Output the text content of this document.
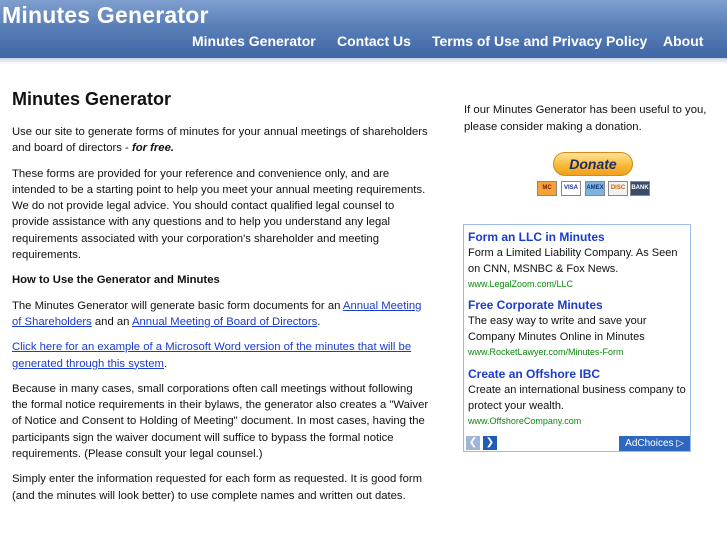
Minutes Generator
Minutes Generator Contact Us Terms of Use and Privacy Policy About
Minutes Generator

Use our site to generate forms of minutes for your annual meetings of shareholders and board of directors - for free.

These forms are provided for your reference and convenience only, and are intended to be a starting point to help you meet your annual meeting requirements. We do not provide legal advice. You should contact qualified legal counsel to provide assistance with any questions and to help you understand any legal requirements associated with your corporation's shareholder and meeting requirements.

How to Use the Generator and Minutes

The Minutes Generator will generate basic form documents for an Annual Meeting of Shareholders and an Annual Meeting of Board of Directors.

Click here for an example of a Microsoft Word version of the minutes that will be generated through this system.

Because in many cases, small corporations often call meetings without following the formal notice requirements in their bylaws, the generator also creates a "Waiver of Notice and Consent to Holding of Meeting" document. In most cases, having the participants sign the waiver document will suffice to bypass the formal notice requirements. (Please consult your legal counsel.)

Simply enter the information requested for each form as requested. It is good form (and the minutes will look better) to use complete names and written out dates.

If our Minutes Generator has been useful to you, please consider making a donation.
Donate
MC	VISA	AMEX	DISC	BANK
Form an LLC in Minutes
Form a Limited Liability Company. As Seen on CNN, MSNBC & Fox News.
www.LegalZoom.com/LLC
Free Corporate Minutes
The easy way to write and save your Company Minutes Online in Minutes
www.RocketLawyer.com/Minutes-Form
Create an Offshore IBC
Create an international business company to protect your wealth.
www.OffshoreCompany.com
❮ ❯	AdChoices ▷
